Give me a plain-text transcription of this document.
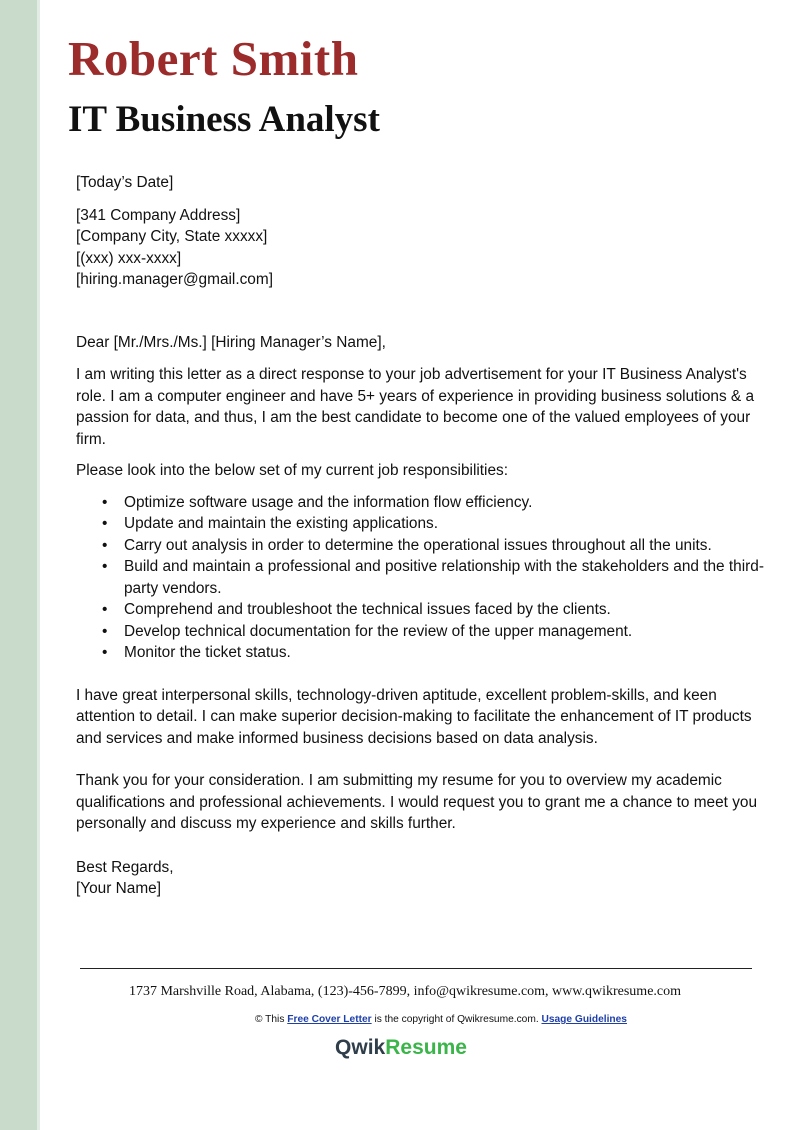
Robert Smith
IT Business Analyst

[Today’s Date]

[341 Company Address]

[Company City, State xxxxx]

[(xxx) xxx-xxxx]

[hiring.manager@gmail.com]

Dear [Mr./Mrs./Ms.] [Hiring Manager’s Name],

I am writing this letter as a direct response to your job advertisement for your IT Business Analyst's role. I am a computer engineer and have 5+ years of experience in providing business solutions & a passion for data, and thus, I am the best candidate to become one of the valued employees of your firm.

Please look into the below set of my current job responsibilities:

• Optimize software usage and the information flow efficiency.
• Update and maintain the existing applications.
• Carry out analysis in order to determine the operational issues throughout all the units.
• Build and maintain a professional and positive relationship with the stakeholders and the third-party vendors.
• Comprehend and troubleshoot the technical issues faced by the clients.
• Develop technical documentation for the review of the upper management.
• Monitor the ticket status.

I have great interpersonal skills, technology-driven aptitude, excellent problem-skills, and keen attention to detail. I can make superior decision-making to facilitate the enhancement of IT products and services and make informed business decisions based on data analysis.

Thank you for your consideration. I am submitting my resume for you to overview my academic qualifications and professional achievements. I would request you to grant me a chance to meet you personally and discuss my experience and skills further.

Best Regards,

[Your Name]

1737 Marshville Road, Alabama, (123)-456-7899, info@qwikresume.com, www.qwikresume.com
© This Free Cover Letter is the copyright of Qwikresume.com. Usage Guidelines
QwikResume
